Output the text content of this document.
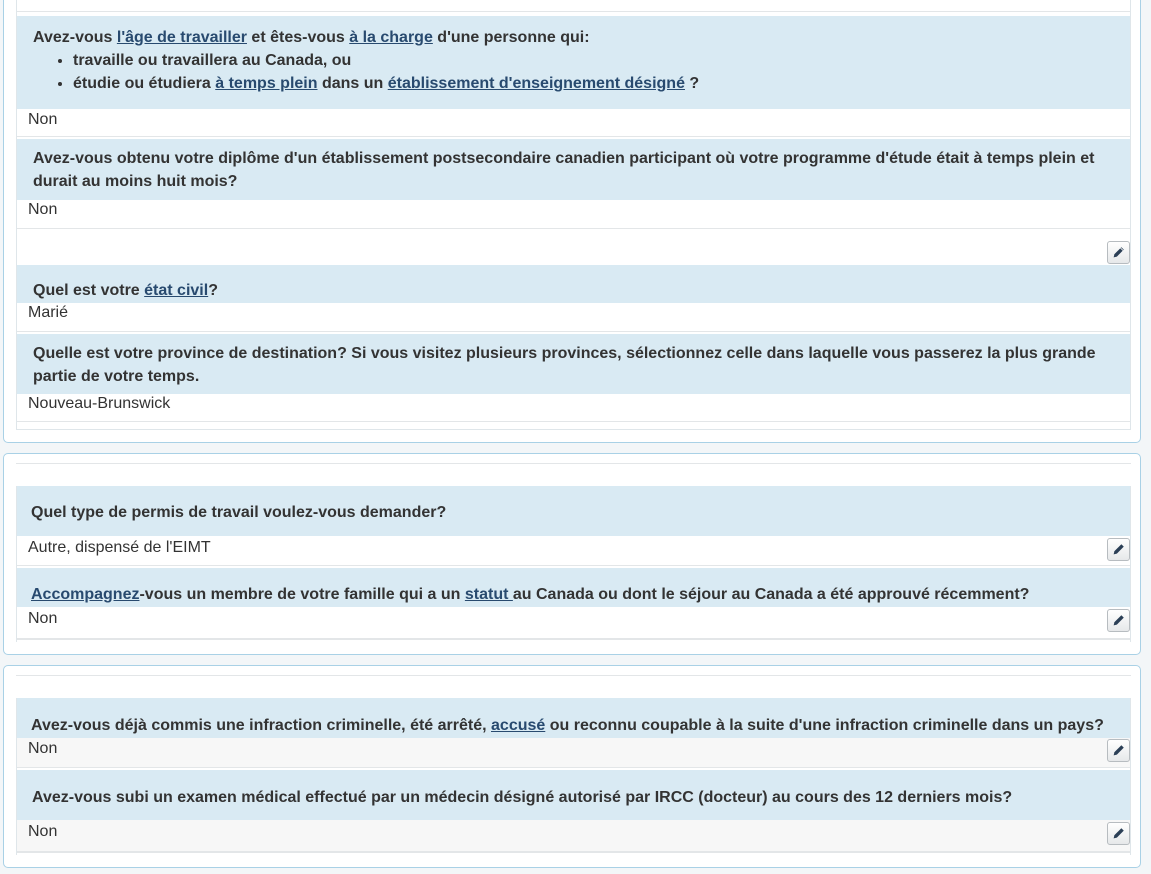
Avez-vous l'âge de travailler et êtes-vous à la charge d'une personne qui:
• travaille ou travaillera au Canada, ou
• étudie ou étudiera à temps plein dans un établissement d'enseignement désigné ?
Non
Avez-vous obtenu votre diplôme d'un établissement postsecondaire canadien participant où votre programme d'étude était à temps plein et durait au moins huit mois?
Non
Quel est votre état civil?
Marié
Quelle est votre province de destination? Si vous visitez plusieurs provinces, sélectionnez celle dans laquelle vous passerez la plus grande partie de votre temps.
Nouveau-Brunswick
Quel type de permis de travail voulez-vous demander?
Autre, dispensé de l'EIMT
Accompagnez-vous un membre de votre famille qui a un statut au Canada ou dont le séjour au Canada a été approuvé récemment?
Non
Avez-vous déjà commis une infraction criminelle, été arrêté, accusé ou reconnu coupable à la suite d'une infraction criminelle dans un pays?
Non
Avez-vous subi un examen médical effectué par un médecin désigné autorisé par IRCC (docteur) au cours des 12 derniers mois?
Non
